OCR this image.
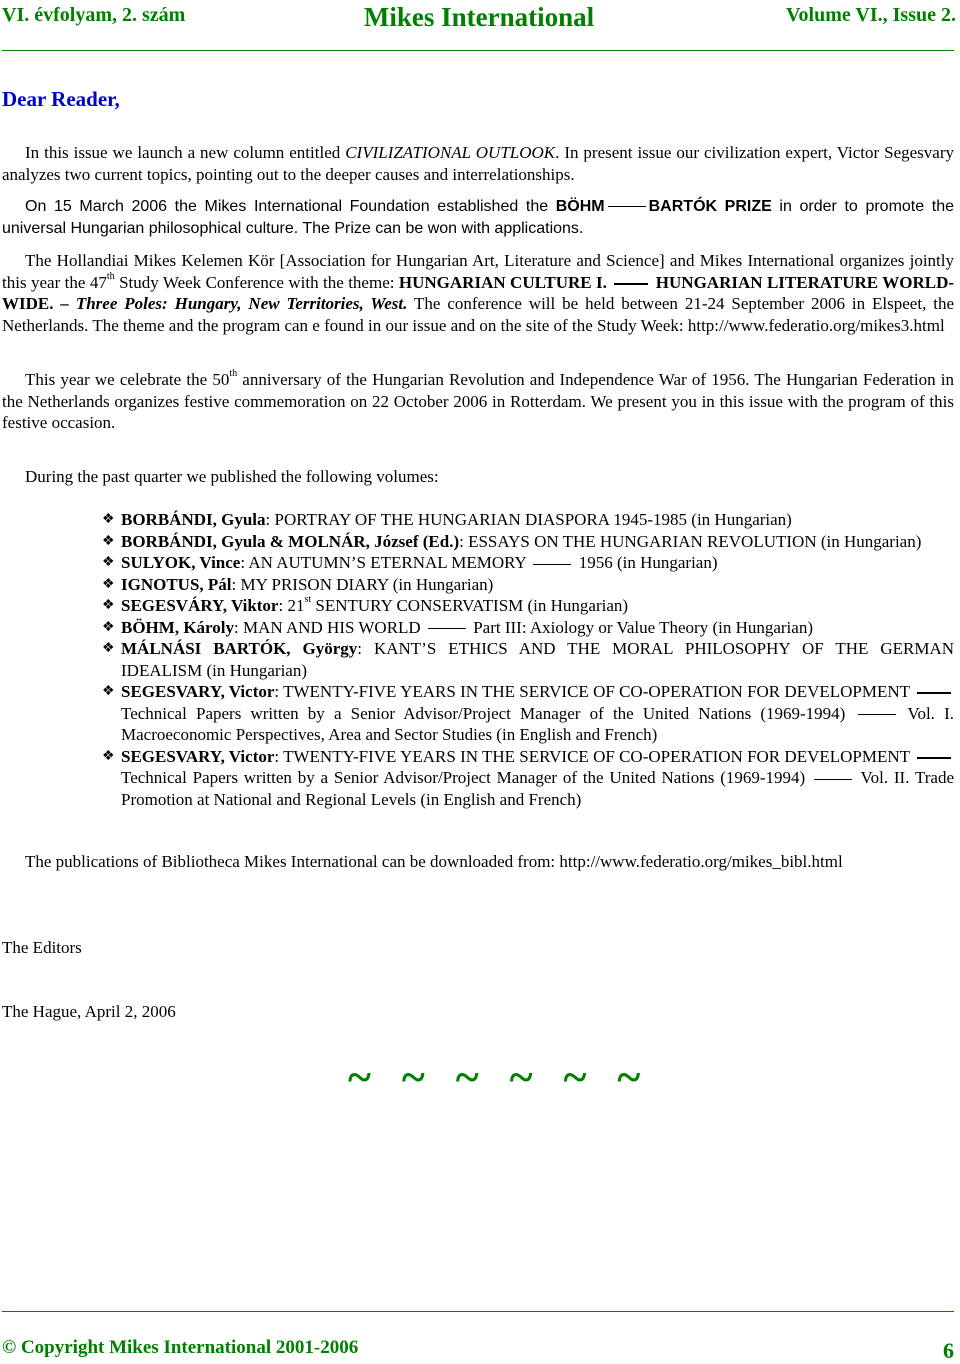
VI. évfolyam, 2. szám	Mikes International	Volume VI., Issue 2.
Dear Reader,

In this issue we launch a new column entitled CIVILIZATIONAL OUTLOOK. In present issue our civilization expert, Victor Segesvary analyzes two current topics, pointing out to the deeper causes and interrelationships.

On 15 March 2006 the Mikes International Foundation established the BÖHM	BARTÓK PRIZE in order to promote the universal Hungarian philosophical culture. The Prize can be won with applications.

The Hollandiai Mikes Kelemen Kör [Association for Hungarian Art, Literature and Science] and Mikes International organizes jointly this year the 47th Study Week Conference with the theme: HUNGARIAN CULTURE I.	HUNGARIAN LITERATURE WORLD-WIDE. – Three Poles: Hungary, New Territories, West. The conference will be held between 21-24 September 2006 in Elspeet, the Netherlands. The theme and the program can e found in our issue and on the site of the Study Week: http://www.federatio.org/mikes3.html

This year we celebrate the 50th anniversary of the Hungarian Revolution and Independence War of 1956. The Hungarian Federation in the Netherlands organizes festive commemoration on 22 October 2006 in Rotterdam. We present you in this issue with the program of this festive occasion.

During the past quarter we published the following volumes:

❖ BORBÁNDI, Gyula: PORTRAY OF THE HUNGARIAN DIASPORA 1945-1985 (in Hungarian)
❖ BORBÁNDI, Gyula & MOLNÁR, József (Ed.): ESSAYS ON THE HUNGARIAN REVOLUTION (in Hungarian)
❖ SULYOK, Vince: AN AUTUMN’S ETERNAL MEMORY	1956 (in Hungarian)
❖ IGNOTUS, Pál: MY PRISON DIARY (in Hungarian)
❖ SEGESVÁRY, Viktor: 21st SENTURY CONSERVATISM (in Hungarian)
❖ BÖHM, Károly: MAN AND HIS WORLD	Part III: Axiology or Value Theory (in Hungarian)
❖ MÁLNÁSI BARTÓK, György: KANT’S ETHICS AND THE MORAL PHILOSOPHY OF THE GERMAN IDEALISM (in Hungarian)
❖ SEGESVARY, Victor: TWENTY-FIVE YEARS IN THE SERVICE OF CO-OPERATION FOR DEVELOPMENT  Technical Papers written by a Senior Advisor/Project Manager of the United Nations (1969-1994)	Vol. I. Macroeconomic Perspectives, Area and Sector Studies (in English and French)
❖ SEGESVARY, Victor: TWENTY-FIVE YEARS IN THE SERVICE OF CO-OPERATION FOR DEVELOPMENT  Technical Papers written by a Senior Advisor/Project Manager of the United Nations (1969-1994)	Vol. II. Trade Promotion at National and Regional Levels (in English and French)

The publications of Bibliotheca Mikes International can be downloaded from: http://www.federatio.org/mikes_bibl.html

The Editors

The Hague, April 2, 2006

~ ~ ~ ~ ~ ~
© Copyright Mikes International 2001-2006	6
